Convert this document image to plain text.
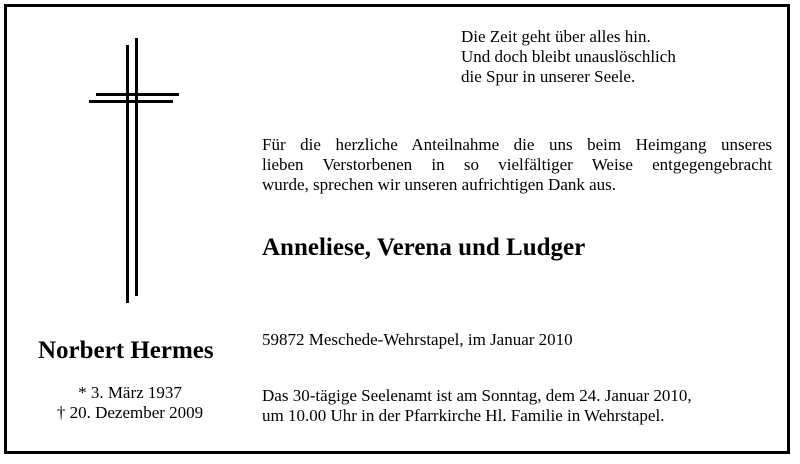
Die Zeit geht über alles hin.
Und doch bleibt unauslöschlich
die Spur in unserer Seele.
Für die herzliche Anteilnahme die uns beim Heimgang unseres
lieben Verstorbenen in so vielfältiger Weise entgegengebracht
wurde, sprechen wir unseren aufrichtigen Dank aus.
Anneliese, Verena und Ludger
59872 Meschede-Wehrstapel, im Januar 2010
Das 30-tägige Seelenamt ist am Sonntag, dem 24. Januar 2010,
um 10.00 Uhr in der Pfarrkirche Hl. Familie in Wehrstapel.
Norbert Hermes
* 3. März 1937
† 20. Dezember 2009
